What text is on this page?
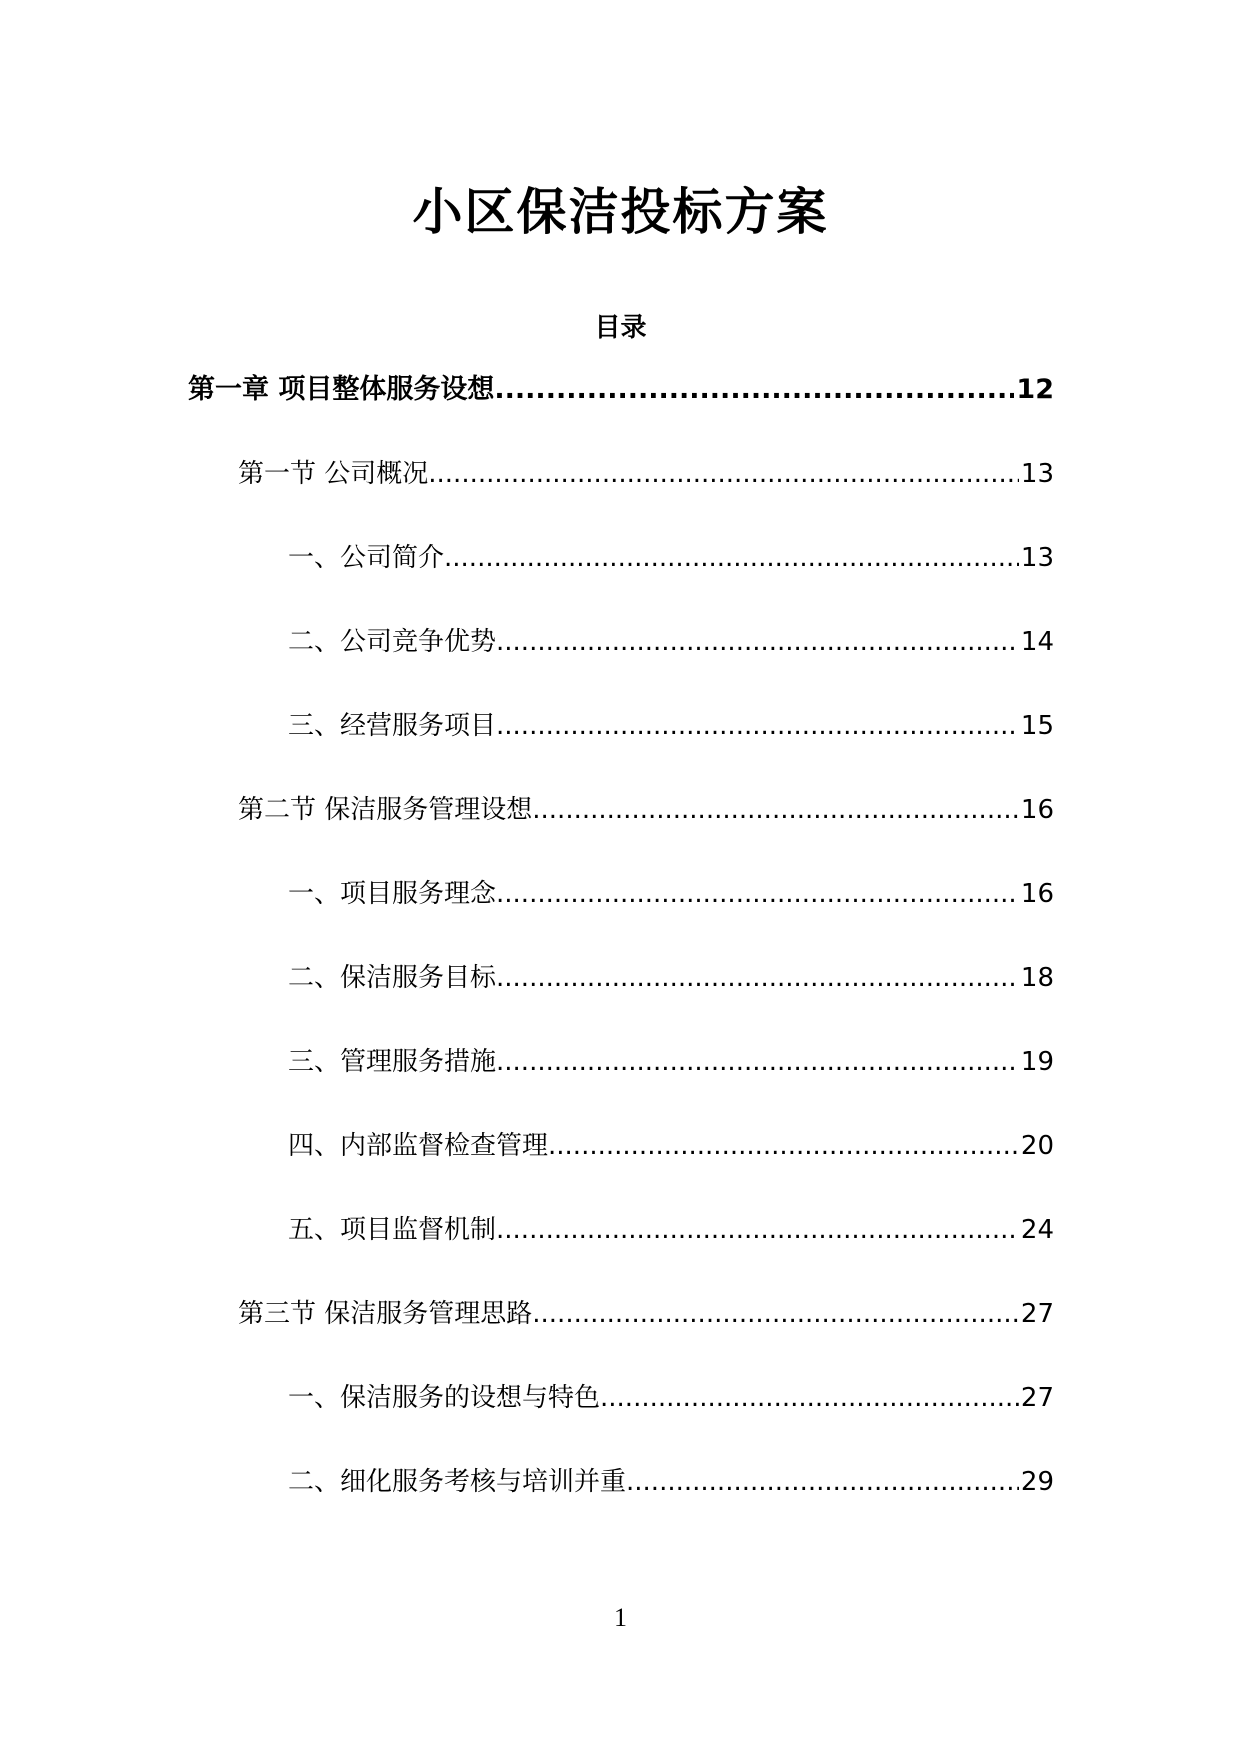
小区保洁投标方案
目录
第一章 项目整体服务设想 .....	12
第一节 公司概况 .....	13
一、公司简介 .....	13
二、公司竞争优势 .....	14
三、经营服务项目 .....	15
第二节 保洁服务管理设想 .....	16
一、项目服务理念 .....	16
二、保洁服务目标 .....	18
三、管理服务措施 .....	19
四、内部监督检查管理 .....	20
五、项目监督机制 .....	24
第三节 保洁服务管理思路 .....	27
一、保洁服务的设想与特色 .....	27
二、细化服务考核与培训并重 .....	29
1
